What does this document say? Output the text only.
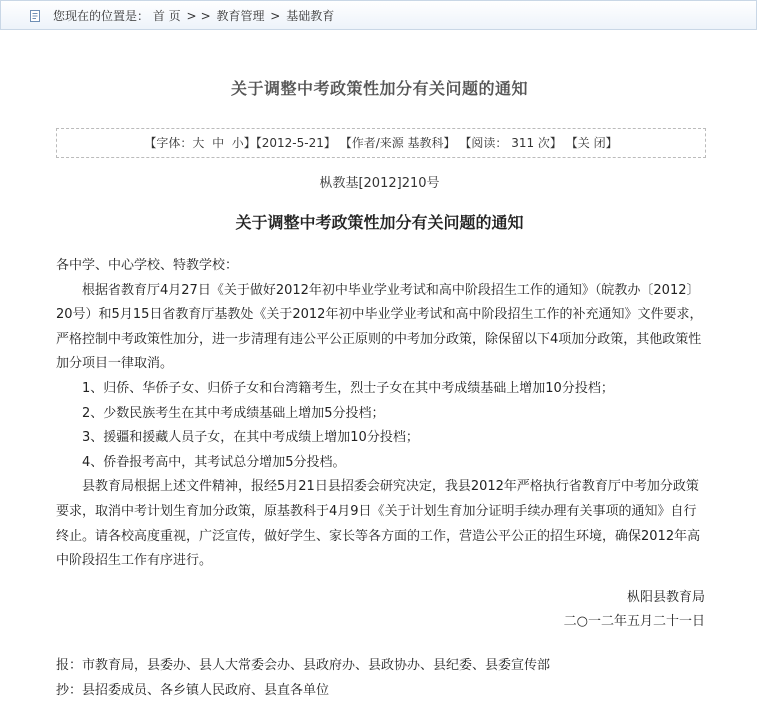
您现在的位置是： 首 页 > > 教育管理 > 基础教育
关于调整中考政策性加分有关问题的通知
【字体：大 中 小】【2012-5-21】 【作者/来源 基教科】 【阅读： 311 次】 【关 闭】
枞教基[2012]210号
关于调整中考政策性加分有关问题的通知

各中学、中心学校、特教学校：

根据省教育厅4月27日《关于做好2012年初中毕业学业考试和高中阶段招生工作的通知》（皖教办〔2012〕20号）和5月15日省教育厅基教处《关于2012年初中毕业学业考试和高中阶段招生工作的补充通知》文件要求，严格控制中考政策性加分，进一步清理有违公平公正原则的中考加分政策，除保留以下4项加分政策，其他政策性加分项目一律取消。

1、归侨、华侨子女、归侨子女和台湾籍考生，烈士子女在其中考成绩基础上增加10分投档；

2、少数民族考生在其中考成绩基础上增加5分投档；

3、援疆和援藏人员子女，在其中考成绩上增加10分投档；

4、侨眷报考高中，其考试总分增加5分投档。

县教育局根据上述文件精神，报经5月21日县招委会研究决定，我县2012年严格执行省教育厅中考加分政策要求，取消中考计划生育加分政策，原基教科于4月9日《关于计划生育加分证明手续办理有关事项的通知》自行终止。请各校高度重视，广泛宣传，做好学生、家长等各方面的工作，营造公平公正的招生环境，确保2012年高中阶段招生工作有序进行。

枞阳县教育局
二○一二年五月二十一日
报：市教育局，县委办、县人大常委会办、县政府办、县政协办、县纪委、县委宣传部
抄：县招委成员、各乡镇人民政府、县直各单位
